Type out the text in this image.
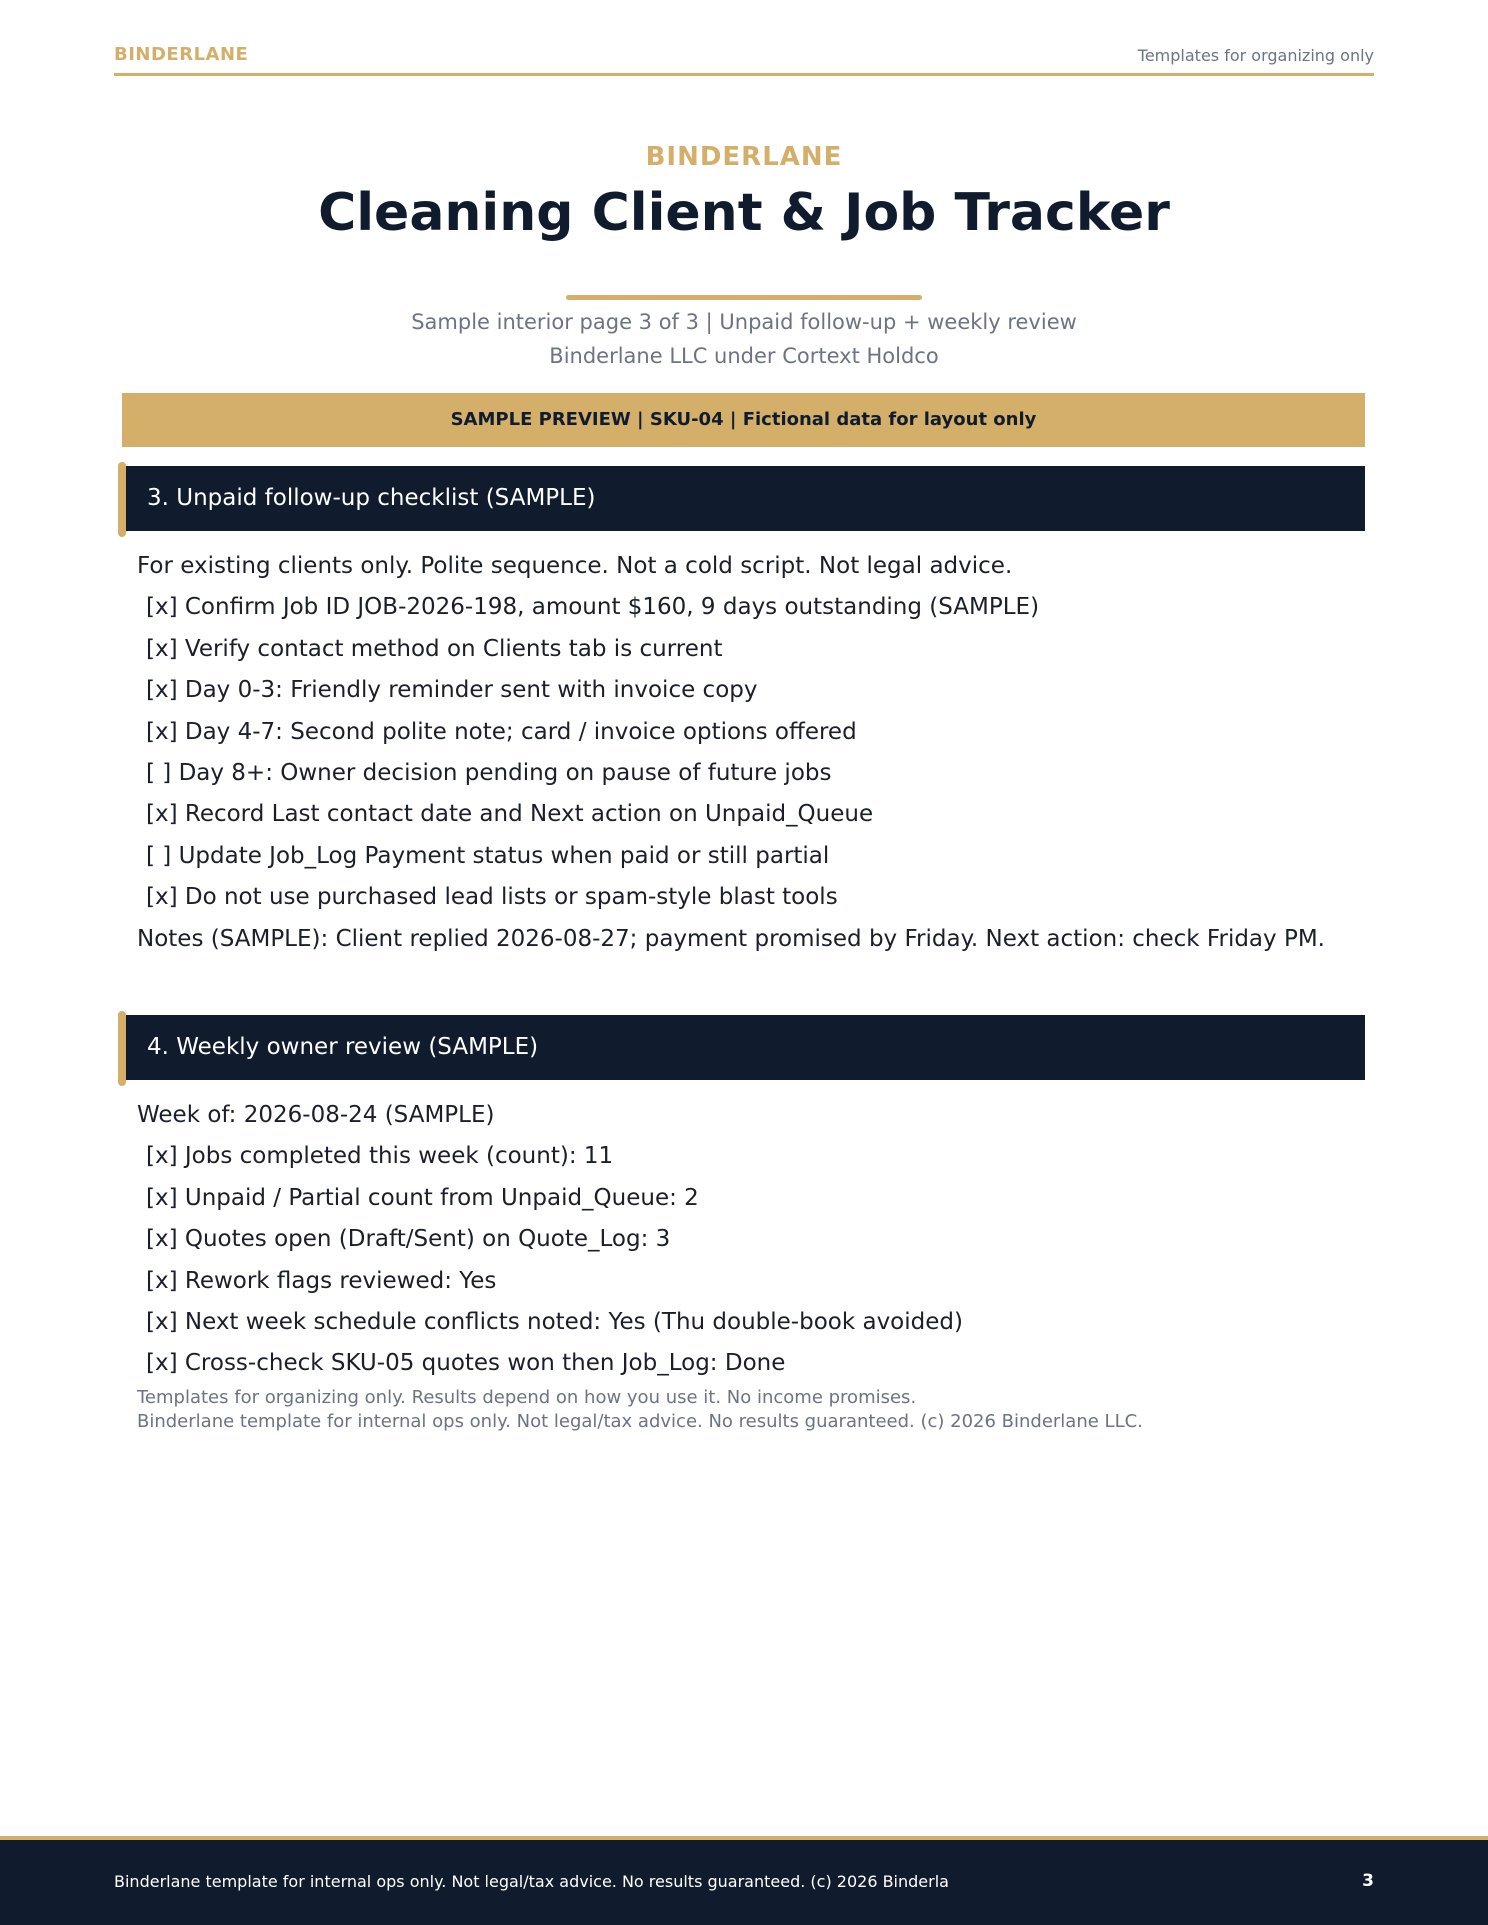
BINDERLANE	Templates for organizing only
BINDERLANE
Cleaning Client & Job Tracker
Sample interior page 3 of 3 | Unpaid follow-up + weekly review
Binderlane LLC under Cortext Holdco
SAMPLE PREVIEW | SKU-04 | Fictional data for layout only
3. Unpaid follow-up checklist (SAMPLE)
For existing clients only. Polite sequence. Not a cold script. Not legal advice.
[x] Confirm Job ID JOB-2026-198, amount $160, 9 days outstanding (SAMPLE)
[x] Verify contact method on Clients tab is current
[x] Day 0-3: Friendly reminder sent with invoice copy
[x] Day 4-7: Second polite note; card / invoice options offered
[ ] Day 8+: Owner decision pending on pause of future jobs
[x] Record Last contact date and Next action on Unpaid_Queue
[ ] Update Job_Log Payment status when paid or still partial
[x] Do not use purchased lead lists or spam-style blast tools
Notes (SAMPLE): Client replied 2026-08-27; payment promised by Friday. Next action: check Friday PM.
4. Weekly owner review (SAMPLE)
Week of: 2026-08-24 (SAMPLE)
[x] Jobs completed this week (count): 11
[x] Unpaid / Partial count from Unpaid_Queue: 2
[x] Quotes open (Draft/Sent) on Quote_Log: 3
[x] Rework flags reviewed: Yes
[x] Next week schedule conflicts noted: Yes (Thu double-book avoided)
[x] Cross-check SKU-05 quotes won then Job_Log: Done
Templates for organizing only. Results depend on how you use it. No income promises.
Binderlane template for internal ops only. Not legal/tax advice. No results guaranteed. (c) 2026 Binderlane LLC.
Binderlane template for internal ops only. Not legal/tax advice. No results guaranteed. (c) 2026 Binderla	3
